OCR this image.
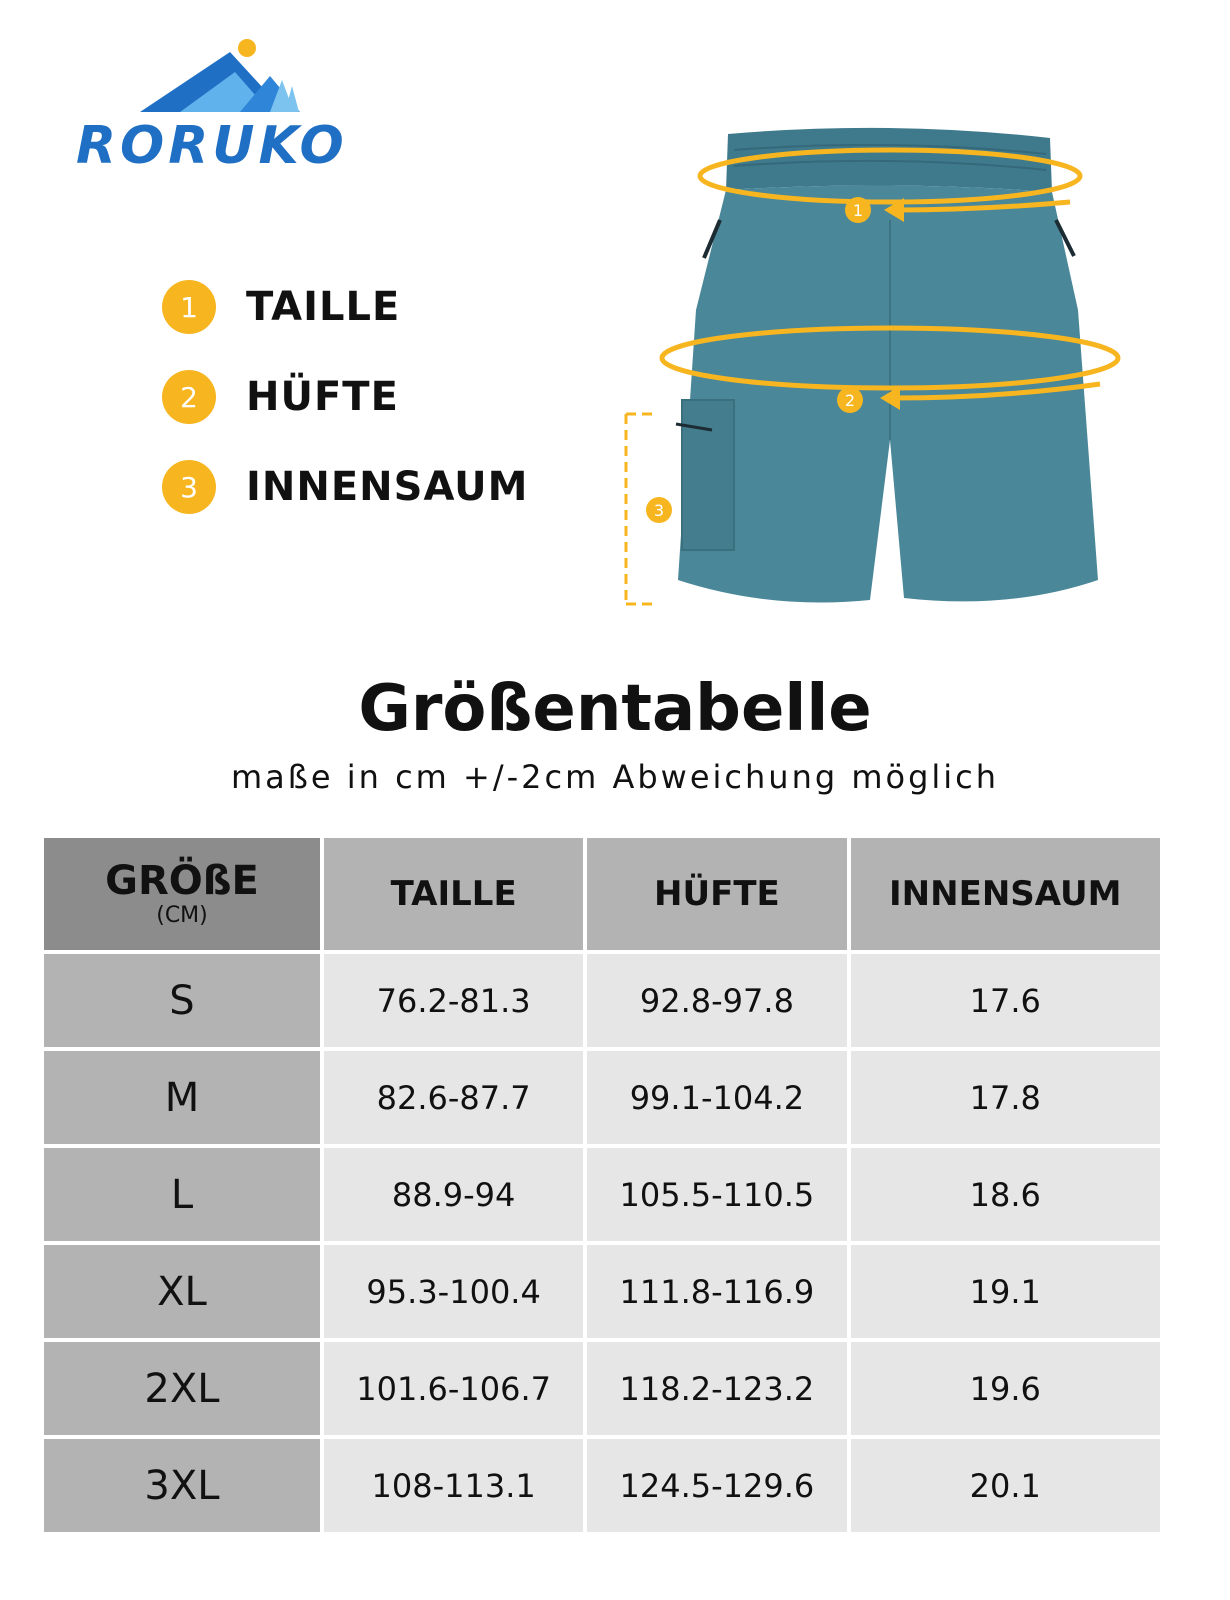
RORUKO
1	TAILLE
2	HÜFTE
3	INNENSAUM
1
2
3
Größentabelle
maße in cm +/-2cm Abweichung möglich
GRÖßE
(CM)	TAILLE	HÜFTE	INNENSAUM
S	76.2-81.3	92.8-97.8	17.6
M	82.6-87.7	99.1-104.2	17.8
L	88.9-94	105.5-110.5	18.6
XL	95.3-100.4	111.8-116.9	19.1
2XL	101.6-106.7	118.2-123.2	19.6
3XL	108-113.1	124.5-129.6	20.1
